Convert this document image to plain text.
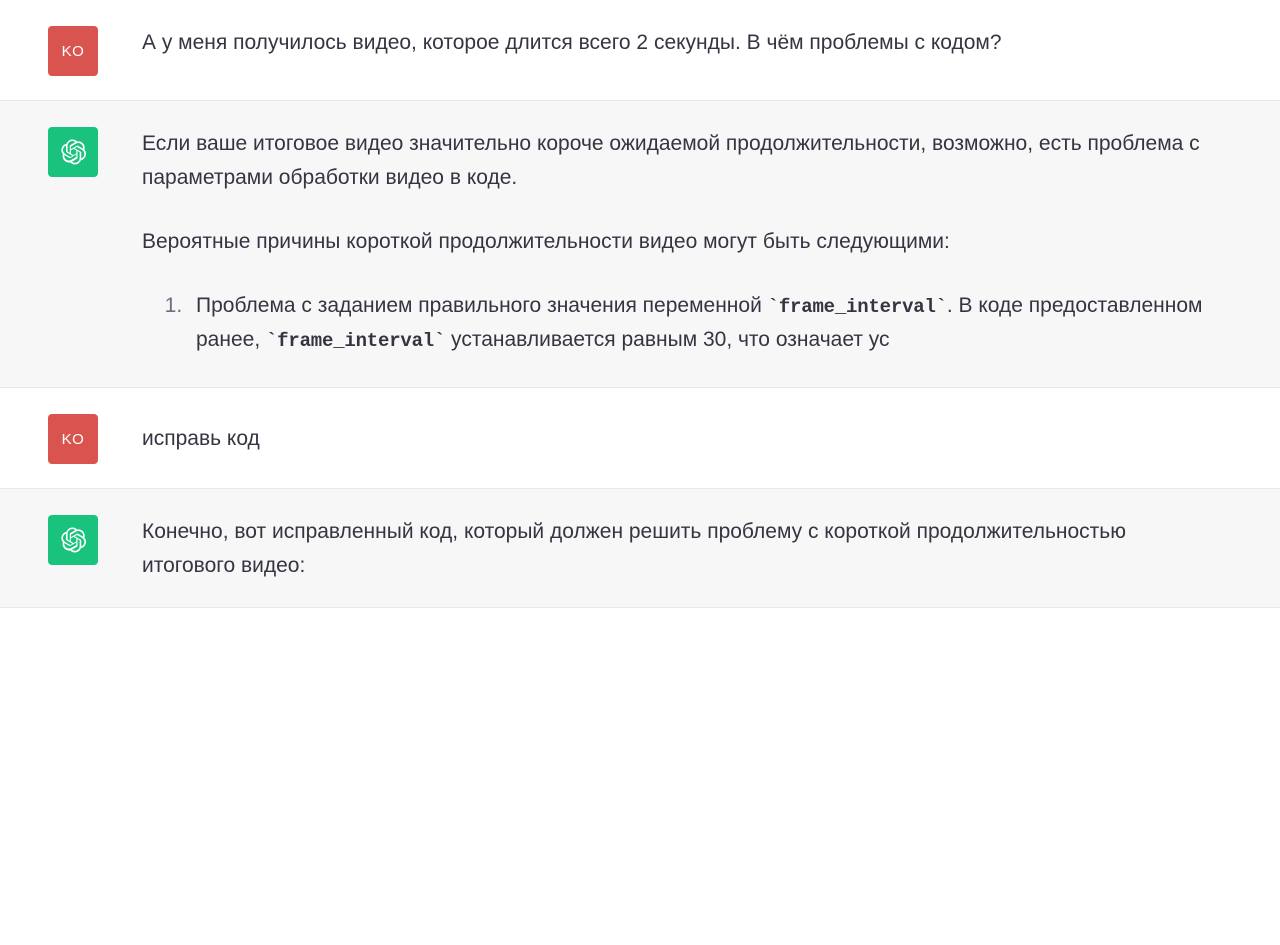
KO	А у меня получилось видео, которое длится всего 2 секунды. В чём проблемы с кодом?

Если ваше итоговое видео значительно короче ожидаемой продолжительности, возможно, есть проблема с параметрами обработки видео в коде.

Вероятные причины короткой продолжительности видео могут быть следующими:

1. Проблема с заданием правильного значения переменной `frame_interval`. В коде предоставленном ранее, `frame_interval` устанавливается равным 30, что означает ус
KO	исправь код

Конечно, вот исправленный код, который должен решить проблему с короткой продолжительностью итогового видео:
